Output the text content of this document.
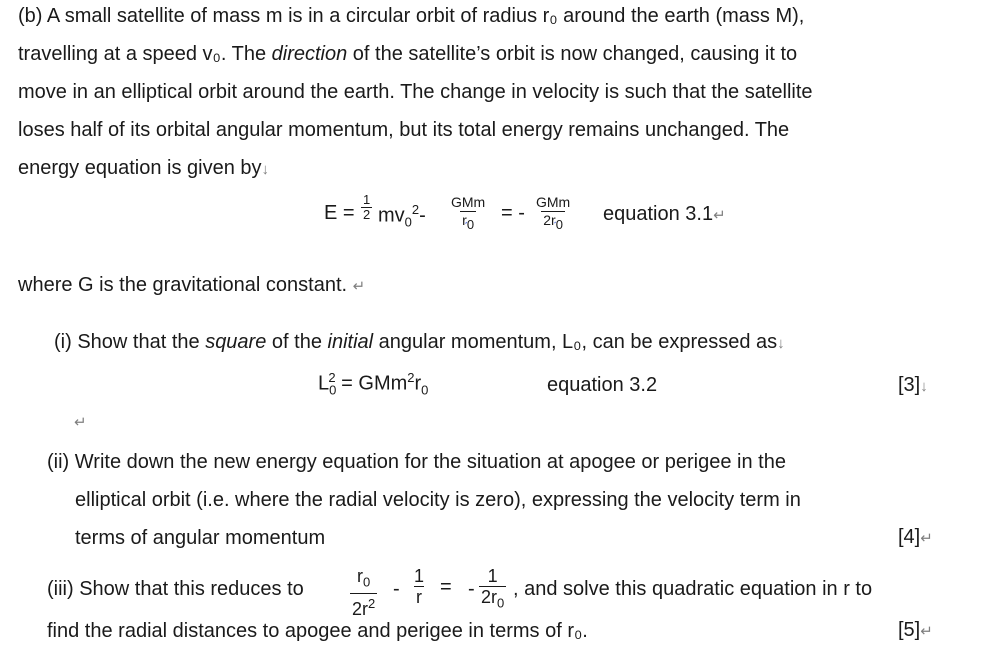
(b) A small satellite of mass m is in a circular orbit of radius r₀ around the earth (mass M),
travelling at a speed v₀. The direction of the satellite’s orbit is now changed, causing it to
move in an elliptical orbit around the earth. The change in velocity is such that the satellite
loses half of its orbital angular momentum, but its total energy remains unchanged. The
energy equation is given by↓
$E = \frac{1}{2} mv_0^2-$
GMm
$r_0$
= - GMm
$2r_0$ equation 3.1↵
where G is the gravitational constant. ↵
(i) Show that the square of the initial angular momentum, L₀, can be expressed as↓
$L_0^2 = GMm^2r_0$	equation 3.2	[3]↓
↵
(ii) Write down the new energy equation for the situation at apogee or perigee in the
elliptical orbit (i.e. where the radial velocity is zero), expressing the velocity term in
terms of angular momentum	[4]↵
(iii) Show that this reduces to	$\frac{r_0}{2r^2} - \frac{1}{r}$ = - $\frac{1}{2r_0}$ , and solve this quadratic equation in r to
find the radial distances to apogee and perigee in terms of r₀.	[5]↵
